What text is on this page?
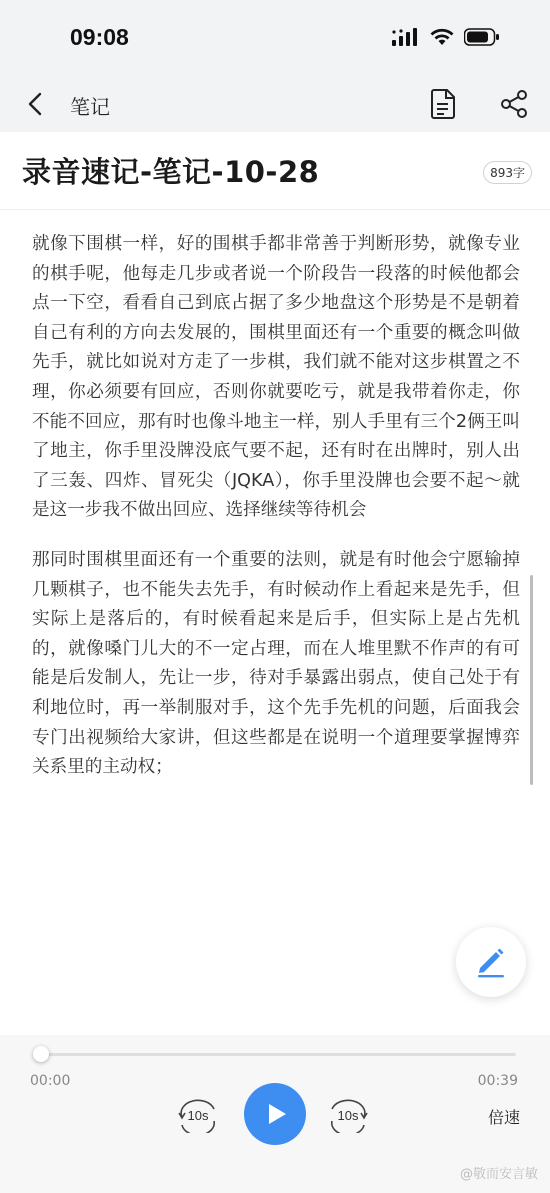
09:08
笔记
录音速记-笔记-10-28	893字

就像下围棋一样，好的围棋手都非常善于判断形势，就像专业的棋手呢，他每走几步或者说一个阶段告一段落的时候他都会点一下空，看看自己到底占据了多少地盘这个形势是不是朝着自己有利的方向去发展的，围棋里面还有一个重要的概念叫做先手，就比如说对方走了一步棋，我们就不能对这步棋置之不理，你必须要有回应，否则你就要吃亏，就是我带着你走，你不能不回应，那有时也像斗地主一样，别人手里有三个2俩王叫了地主，你手里没牌没底气要不起，还有时在出牌时，别人出了三轰、四炸、冒死尖（JQKA），你手里没牌也会要不起～就是这一步我不做出回应、选择继续等待机会

那同时围棋里面还有一个重要的法则，就是有时他会宁愿输掉几颗棋子，也不能失去先手，有时候动作上看起来是先手，但实际上是落后的，有时候看起来是后手，但实际上是占先机的，就像嗓门儿大的不一定占理，而在人堆里默不作声的有可能是后发制人，先让一步，待对手暴露出弱点，使自己处于有利地位时，再一举制服对手，这个先手先机的问题，后面我会专门出视频给大家讲，但这些都是在说明一个道理要掌握博弈关系里的主动权；

00:00	00:39
10s	10s	倍速
@敬而安言敏
